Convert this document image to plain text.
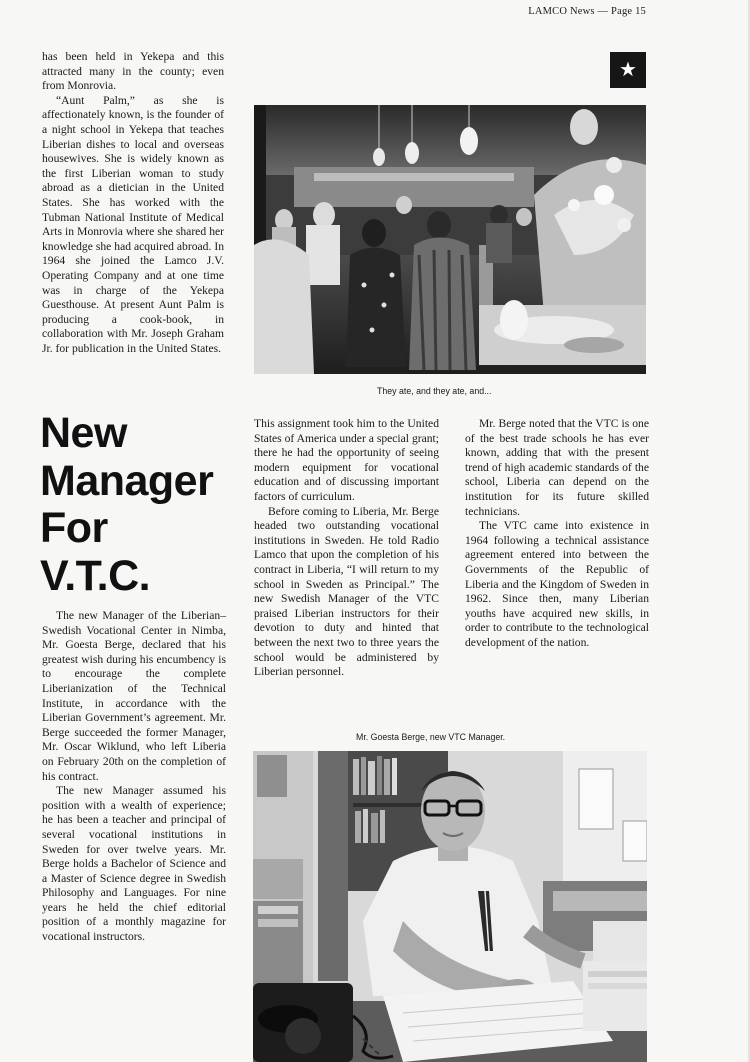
LAMCO News — Page 15
★

has been held in Yekepa and this attracted many in the county; even from Monrovia.

“Aunt Palm,” as she is affectionately known, is the founder of a night school in Yekepa that teaches Liberian dishes to local and overseas housewives. She is widely known as the first Liberian woman to study abroad as a dietician in the United States. She has worked with the Tubman National Institute of Medical Arts in Monrovia where she shared her knowledge she had acquired abroad. In 1964 she joined the Lamco J.V. Operating Company and at one time was in charge of the Yekepa Guesthouse. At present Aunt Palm is producing a cook-book, in collaboration with Mr. Joseph Graham Jr. for publication in the United States.

They ate, and they ate, and...
New
Manager
For
V.T.C.

The new Manager of the Liberian–Swedish Vocational Center in Nimba, Mr. Goesta Berge, declared that his greatest wish during his encumbency is to encourage the complete Liberianization of the Technical Institute, in accordance with the Liberian Government’s agreement. Mr. Berge succeeded the former Manager, Mr. Oscar Wiklund, who left Liberia on February 20th on the completion of his contract.

The new Manager assumed his position with a wealth of experience; he has been a teacher and principal of several vocational institutions in Sweden for over twelve years. Mr. Berge holds a Bachelor of Science and a Master of Science degree in Swedish Philosophy and Languages. For nine years he held the chief editorial position of a monthly magazine for vocational instructors.

This assignment took him to the United States of America under a special grant; there he had the opportunity of seeing modern equipment for vocational education and of discussing important factors of curriculum.

Before coming to Liberia, Mr. Berge headed two outstanding vocational institutions in Sweden. He told Radio Lamco that upon the completion of his contract in Liberia, “I will return to my school in Sweden as Principal.” The new Swedish Manager of the VTC praised Liberian instructors for their devotion to duty and hinted that between the next two to three years the school would be administered by Liberian personnel.

Mr. Berge noted that the VTC is one of the best trade schools he has ever known, adding that with the present trend of high academic standards of the school, Liberia can depend on the institution for its future skilled technicians.

The VTC came into existence in 1964 following a technical assistance agreement entered into between the Governments of the Republic of Liberia and the Kingdom of Sweden in 1962. Since then, many Liberian youths have acquired new skills, in order to contribute to the technological development of the nation.

Mr. Goesta Berge, new VTC Manager.
